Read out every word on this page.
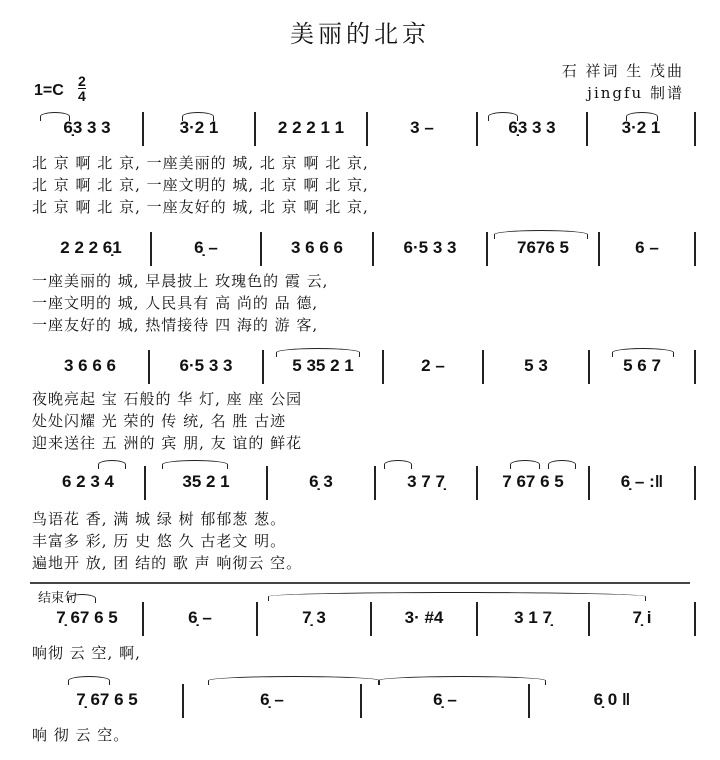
美丽的北京
石 祥词 生 茂曲
jingfu 制谱
1=C
2
4
6̣3 3 3	3·2 1	2 2 2 1 1	3 –	6̣3 3 3	3·2 1
北 京 啊 北 京, 一座美丽的 城, 北 京 啊 北 京,
北 京 啊 北 京, 一座文明的 城, 北 京 啊 北 京,
北 京 啊 北 京, 一座友好的 城, 北 京 啊 北 京,
2 2 2 6̣1	6̣ –	3 6 6 6	6·5 3 3	7676 5	6 –
一座美丽的 城, 早晨披上 玫瑰色的 霞 云,
一座文明的 城, 人民具有 高 尚的 品 德,
一座友好的 城, 热情接待 四 海的 游 客,
3 6 6 6	6·5 3 3	5 35 2 1	2 –	5 3	5 6 7
夜晚亮起 宝 石般的 华 灯, 座 座 公园
处处闪耀 光 荣的 传 统, 名 胜 古迹
迎来送往 五 洲的 宾 朋, 友 谊的 鲜花
6 2 3 4	35 2 1	6̣ 3	3 7 7̣	7 67 6 5	6̣ – :‖
鸟语花 香, 满 城 绿 树 郁郁葱 葱。
丰富多 彩, 历 史 悠 久 古老文 明。
遍地开 放, 团 结的 歌 声 响彻云 空。
结束句
7̣ 67 6 5	6̣ –	7̣ 3	3· #4	3 1 7̣	7̣ i
响彻 云 空, 啊,
7̣ 67 6 5	6̣ –	6̣ –	6̣ 0 ‖
响 彻 云 空。
